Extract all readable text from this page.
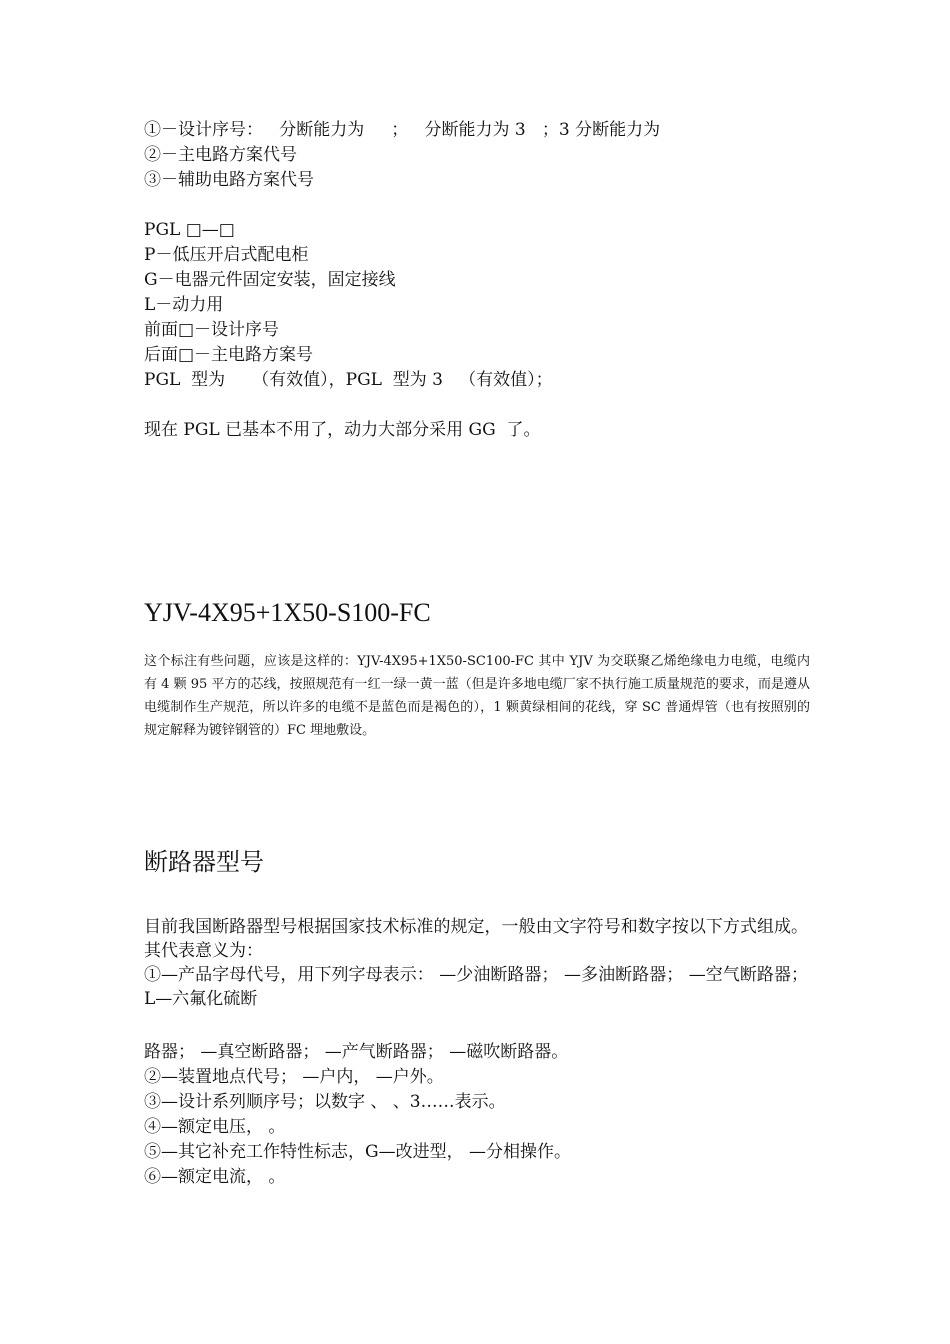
①－设计序号：   分断能力为     ；   分断能力为 3   ；3 分断能力为
②－主电路方案代号
③－辅助电路方案代号
PGL □—□
P－低压开启式配电柜
G－电器元件固定安装，固定接线
L－动力用
前面□－设计序号
后面□－主电路方案号
PGL  型为     （有效值），PGL  型为 3   （有效值）；
现在 PGL 已基本不用了，动力大部分采用 GG  了。
YJV-4X95+1X50-S100-FC
这个标注有些问题，应该是这样的：YJV-4X95+1X50-SC100-FC 其中 YJV 为交联聚乙烯绝缘电力电缆，电缆内有 4 颗 95 平方的芯线，按照规范有一红一绿一黄一蓝（但是许多地电缆厂家不执行施工质量规范的要求，而是遵从电缆制作生产规范，所以许多的电缆不是蓝色而是褐色的），1 颗黄绿相间的花线，穿 SC 普通焊管（也有按照别的规定解释为镀锌钢管的）FC 埋地敷设。
断路器型号
目前我国断路器型号根据国家技术标准的规定，一般由文字符号和数字按以下方式组成。其代表意义为：
①—产品字母代号，用下列字母表示： —少油断路器； —多油断路器； —空气断路器；L—六氟化硫断
路器； —真空断路器； —产气断路器； —磁吹断路器。
②—装置地点代号； —户内， —户外。
③—设计系列顺序号；以数字 、 、3……表示。
④—额定电压， 。
⑤—其它补充工作特性标志，G—改进型， —分相操作。
⑥—额定电流， 。
